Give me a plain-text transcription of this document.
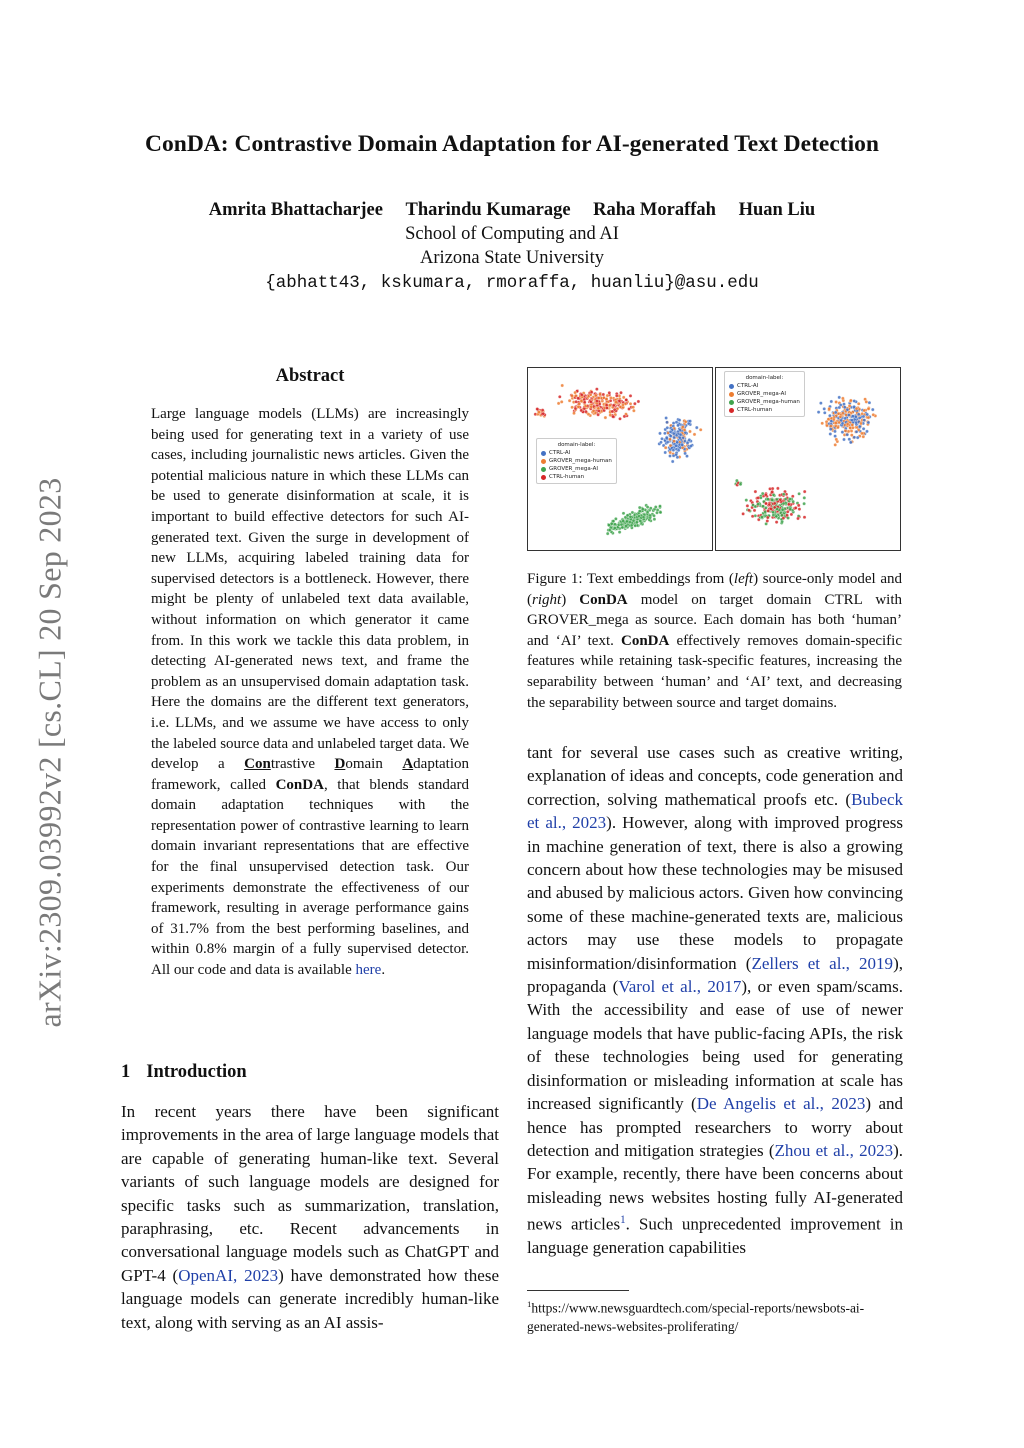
arXiv:2309.03992v2 [cs.CL] 20 Sep 2023
ConDA: Contrastive Domain Adaptation for AI-generated Text Detection
Amrita Bhattacharjee Tharindu Kumarage Raha Moraffah Huan Liu
School of Computing and AI
Arizona State University
{abhatt43, kskumara, rmoraffa, huanliu}@asu.edu
Abstract

Large language models (LLMs) are increasingly being used for generating text in a variety of use cases, including journalistic news articles. Given the potential malicious nature in which these LLMs can be used to generate disinformation at scale, it is important to build effective detectors for such AI-generated text. Given the surge in development of new LLMs, acquiring labeled training data for supervised detectors is a bottleneck. However, there might be plenty of unlabeled text data available, without information on which generator it came from. In this work we tackle this data problem, in detecting AI-generated news text, and frame the problem as an unsupervised domain adaptation task. Here the domains are the different text generators, i.e. LLMs, and we assume we have access to only the labeled source data and unlabeled target data. We develop a Contrastive Domain Adaptation framework, called ConDA, that blends standard domain adaptation techniques with the representation power of contrastive learning to learn domain invariant representations that are effective for the final unsupervised detection task. Our experiments demonstrate the effectiveness of our framework, resulting in average performance gains of 31.7% from the best performing baselines, and within 0.8% margin of a fully supervised detector. All our code and data is available here.

1 Introduction

In recent years there have been significant improvements in the area of large language models that are capable of generating human-like text. Several variants of such language models are designed for specific tasks such as summarization, translation, paraphrasing, etc. Recent advancements in conversational language models such as ChatGPT and GPT-4 (OpenAI, 2023) have demonstrated how these language models can generate incredibly human-like text, along with serving as an AI assis-

domain-label:
CTRL-AI
GROVER_mega-human
GROVER_mega-AI
CTRL-human
domain-label:
CTRL-AI
GROVER_mega-AI
GROVER_mega-human
CTRL-human

Figure 1: Text embeddings from (left) source-only model and (right) ConDA model on target domain CTRL with GROVER_mega as source. Each domain has both ‘human’ and ‘AI’ text. ConDA effectively removes domain-specific features while retaining task-specific features, increasing the separability between ‘human’ and ‘AI’ text, and decreasing the separability between source and target domains.

tant for several use cases such as creative writing, explanation of ideas and concepts, code generation and correction, solving mathematical proofs etc. (Bubeck et al., 2023). However, along with improved progress in machine generation of text, there is also a growing concern about how these technologies may be misused and abused by malicious actors. Given how convincing some of these machine-generated texts are, malicious actors may use these models to propagate misinformation/disinformation (Zellers et al., 2019), propaganda (Varol et al., 2017), or even spam/scams. With the accessibility and ease of use of newer language models that have public-facing APIs, the risk of these technologies being used for generating disinformation or misleading information at scale has increased significantly (De Angelis et al., 2023) and hence has prompted researchers to worry about detection and mitigation strategies (Zhou et al., 2023). For example, recently, there have been concerns about misleading news websites hosting fully AI-generated news articles$^1$. Such unprecedented improvement in language generation capabilities

$^1$https://www.newsguardtech.com/special-reports/newsbots-ai-generated-news-websites-proliferating/
